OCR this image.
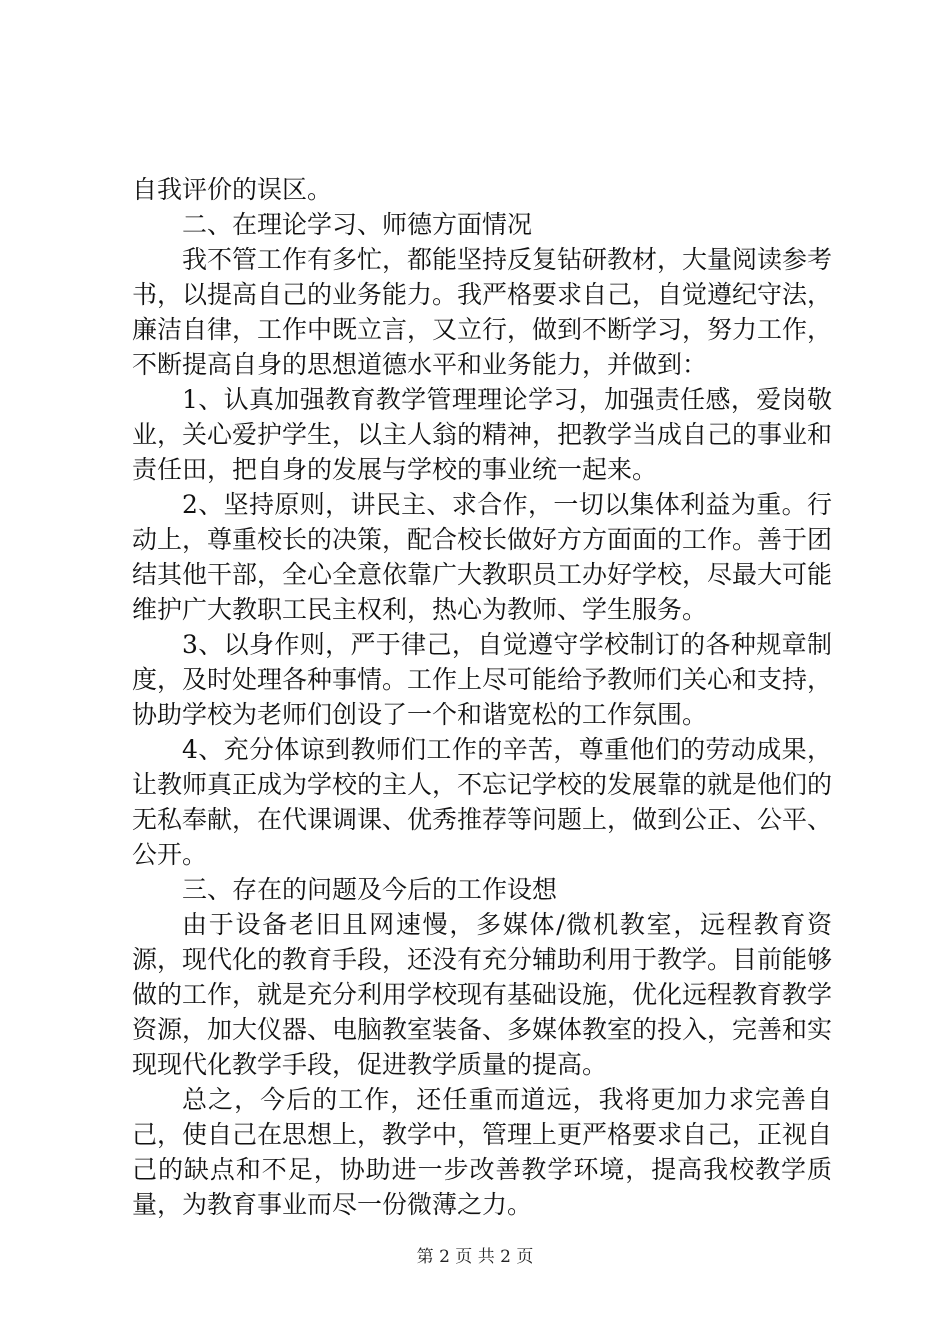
自我评价的误区。

二、在理论学习、师德方面情况

我不管工作有多忙，都能坚持反复钻研教材，大量阅读参考书，以提高自己的业务能力。我严格要求自己，自觉遵纪守法，廉洁自律，工作中既立言，又立行，做到不断学习，努力工作，不断提高自身的思想道德水平和业务能力，并做到：

1、认真加强教育教学管理理论学习，加强责任感，爱岗敬业，关心爱护学生，以主人翁的精神，把教学当成自己的事业和责任田，把自身的发展与学校的事业统一起来。

2、坚持原则，讲民主、求合作，一切以集体利益为重。行动上，尊重校长的决策，配合校长做好方方面面的工作。善于团结其他干部，全心全意依靠广大教职员工办好学校，尽最大可能维护广大教职工民主权利，热心为教师、学生服务。

3、以身作则，严于律己，自觉遵守学校制订的各种规章制度，及时处理各种事情。工作上尽可能给予教师们关心和支持，协助学校为老师们创设了一个和谐宽松的工作氛围。

4、充分体谅到教师们工作的辛苦，尊重他们的劳动成果，让教师真正成为学校的主人，不忘记学校的发展靠的就是他们的无私奉献，在代课调课、优秀推荐等问题上，做到公正、公平、公开。

三、存在的问题及今后的工作设想

由于设备老旧且网速慢，多媒体/微机教室，远程教育资源，现代化的教育手段，还没有充分辅助利用于教学。目前能够做的工作，就是充分利用学校现有基础设施，优化远程教育教学资源，加大仪器、电脑教室装备、多媒体教室的投入，完善和实现现代化教学手段，促进教学质量的提高。

总之，今后的工作，还任重而道远，我将更加力求完善自己，使自己在思想上，教学中，管理上更严格要求自己，正视自己的缺点和不足，协助进一步改善教学环境，提高我校教学质量，为教育事业而尽一份微薄之力。

第 2 页 共 2 页
